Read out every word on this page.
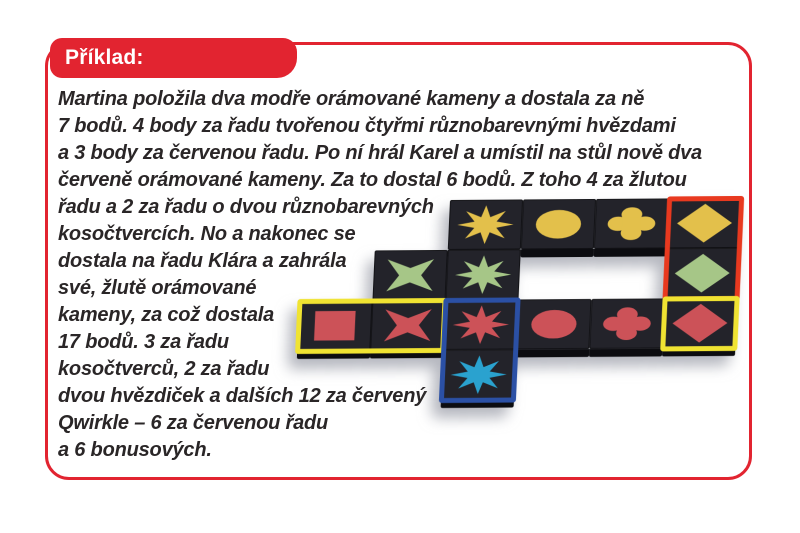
Příklad:
Martina položila dva modře orámované kameny a dostala za ně
7 bodů. 4 body za řadu tvořenou čtyřmi různobarevnými hvězdami
a 3 body za červenou řadu. Po ní hrál Karel a umístil na stůl nově dva
červeně orámované kameny. Za to dostal 6 bodů. Z toho 4 za žlutou
řadu a 2 za řadu o dvou různobarevných
kosočtvercích. No a nakonec se
dostala na řadu Klára a zahrála
své, žlutě orámované
kameny, za což dostala
17 bodů. 3 za řadu
kosočtverců, 2 za řadu
dvou hvězdiček a dalších 12 za červený
Qwirkle – 6 za červenou řadu
a 6 bonusových.
